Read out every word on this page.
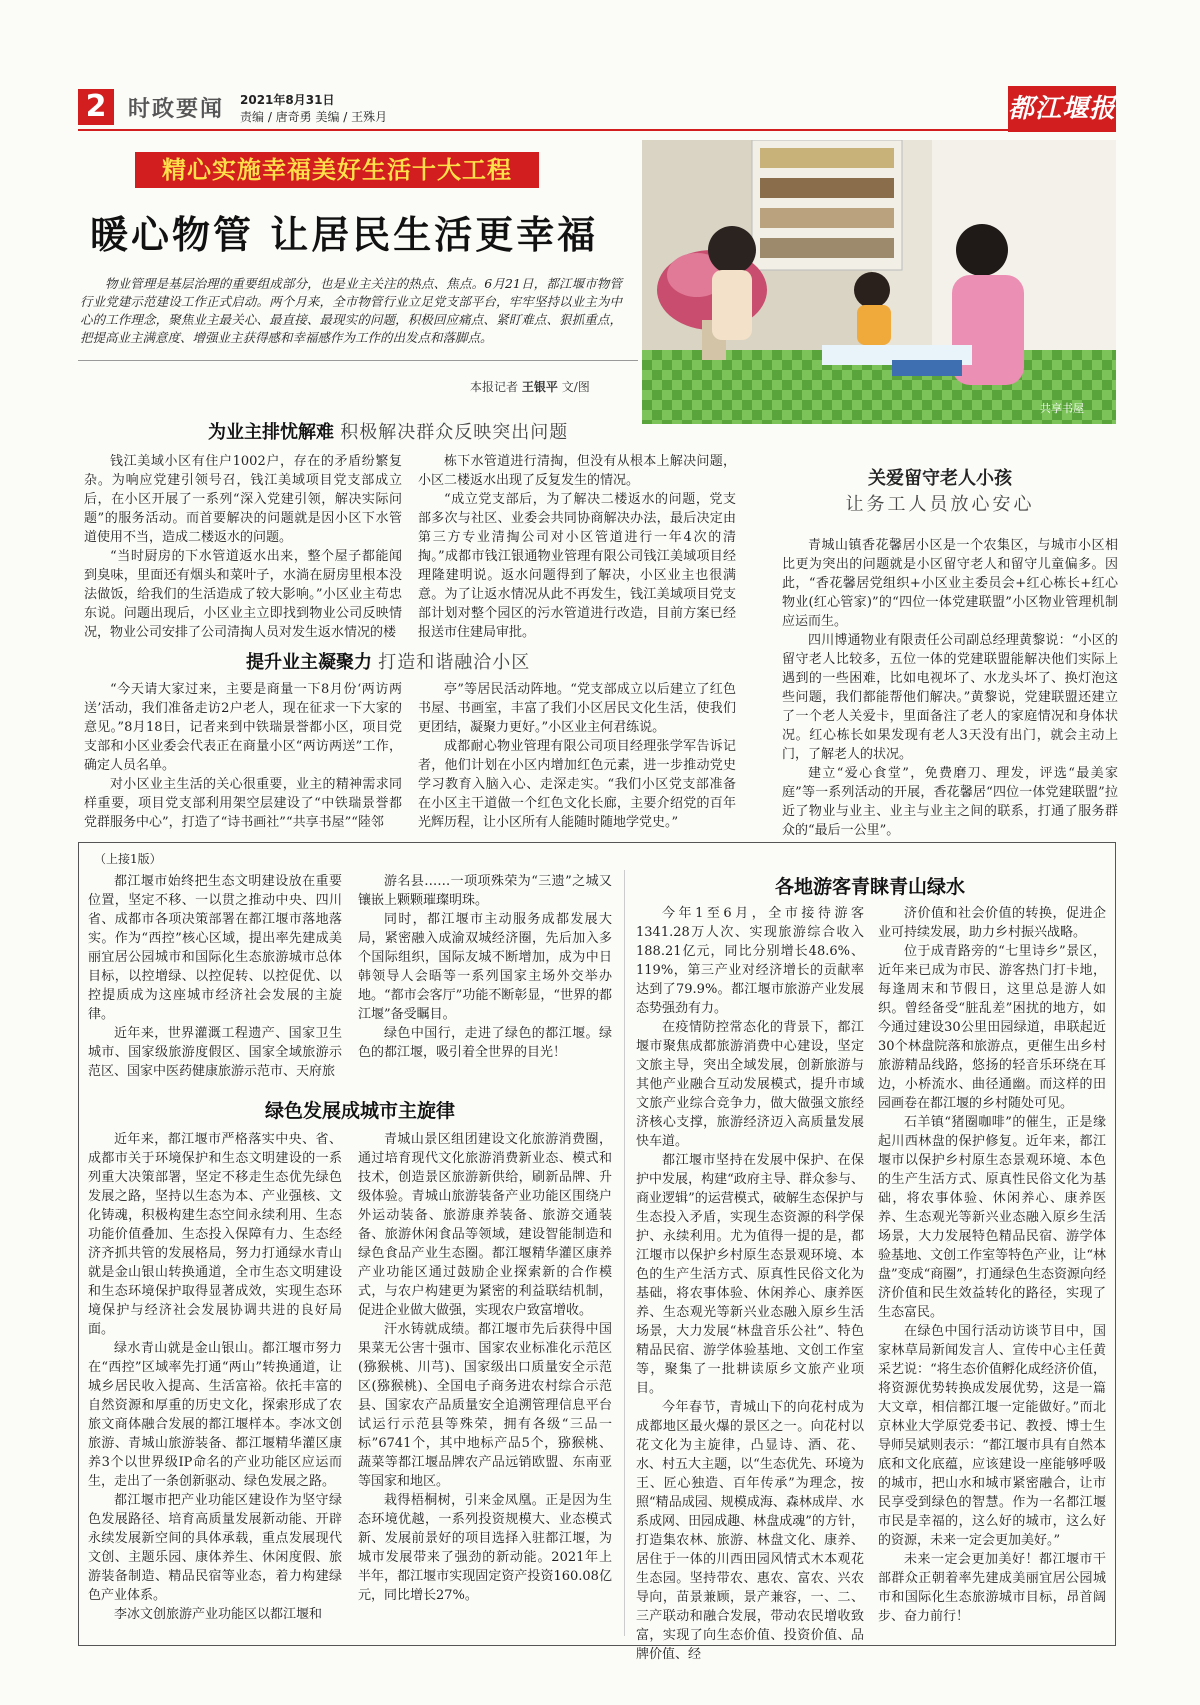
2 时政要闻 2021年8月31日
责编 / 唐奇勇 美编 / 王殊月	都江堰报
精心实施幸福美好生活十大工程
暖心物管 让居民生活更幸福
物业管理是基层治理的重要组成部分，也是业主关注的热点、焦点。6月21日，都江堰市物管行业党建示范建设工作正式启动。两个月来，全市物管行业立足党支部平台，牢牢坚持以业主为中心的工作理念，聚焦业主最关心、最直接、最现实的问题，积极回应痛点、紧盯难点、狠抓重点，把提高业主满意度、增强业主获得感和幸福感作为工作的出发点和落脚点。
本报记者 王银平 文/图
共享书屋
为业主排忧解难 积极解决群众反映突出问题

钱江美域小区有住户1002户，存在的矛盾纷繁复杂。为响应党建引领号召，钱江美域项目党支部成立后，在小区开展了一系列“深入党建引领，解决实际问题”的服务活动。而首要解决的问题就是因小区下水管道使用不当，造成二楼返水的问题。

“当时厨房的下水管道返水出来，整个屋子都能闻到臭味，里面还有烟头和菜叶子，水淌在厨房里根本没法做饭，给我们的生活造成了较大影响。”小区业主苟忠东说。问题出现后，小区业主立即找到物业公司反映情况，物业公司安排了公司清掏人员对发生返水情况的楼

栋下水管道进行清掏，但没有从根本上解决问题，小区二楼返水出现了反复发生的情况。

“成立党支部后，为了解决二楼返水的问题，党支部多次与社区、业委会共同协商解决办法，最后决定由第三方专业清掏公司对小区管道进行一年4次的清掏。”成都市钱江银通物业管理有限公司钱江美域项目经理隆建明说。返水问题得到了解决，小区业主也很满意。为了让返水情况从此不再发生，钱江美域项目党支部计划对整个园区的污水管道进行改造，目前方案已经报送市住建局审批。

提升业主凝聚力 打造和谐融洽小区

“今天请大家过来，主要是商量一下8月份‘两访两送’活动，我们准备走访2户老人，现在征求一下大家的意见。”8月18日，记者来到中铁瑞景誉都小区，项目党支部和小区业委会代表正在商量小区“两访两送”工作，确定人员名单。

对小区业主生活的关心很重要，业主的精神需求同样重要，项目党支部利用架空层建设了“中铁瑞景誉都党群服务中心”，打造了“诗书画社”“共享书屋”“陸邻

亭”等居民活动阵地。“党支部成立以后建立了红色书屋、书画室，丰富了我们小区居民文化生活，使我们更团结，凝聚力更好。”小区业主何君练说。

成都耐心物业管理有限公司项目经理张学军告诉记者，他们计划在小区内增加红色元素，进一步推动党史学习教育入脑入心、走深走实。“我们小区党支部准备在小区主干道做一个红色文化长廊，主要介绍党的百年光辉历程，让小区所有人能随时随地学党史。”

关爱留守老人小孩
让务工人员放心安心

青城山镇香花馨居小区是一个农集区，与城市小区相比更为突出的问题就是小区留守老人和留守儿童偏多。因此，“香花馨居党组织+小区业主委员会+红心栋长+红心物业(红心管家)”的“四位一体党建联盟”小区物业管理机制应运而生。

四川博通物业有限责任公司副总经理黄黎说：“小区的留守老人比较多，五位一体的党建联盟能解决他们实际上遇到的一些困难，比如电视坏了、水龙头坏了、换灯泡这些问题，我们都能帮他们解决。”黄黎说，党建联盟还建立了一个老人关爱卡，里面备注了老人的家庭情况和身体状况。红心栋长如果发现有老人3天没有出门，就会主动上门，了解老人的状况。

建立“爱心食堂”，免费磨刀、理发，评选“最美家庭”等一系列活动的开展，香花馨居“四位一体党建联盟”拉近了物业与业主、业主与业主之间的联系，打通了服务群众的“最后一公里”。

（上接1版）

都江堰市始终把生态文明建设放在重要位置，坚定不移、一以贯之推动中央、四川省、成都市各项决策部署在都江堰市落地落实。作为“西控”核心区域，提出率先建成美丽宜居公园城市和国际化生态旅游城市总体目标，以控增绿、以控促转、以控促优、以控提质成为这座城市经济社会发展的主旋律。

近年来，世界灌溉工程遗产、国家卫生城市、国家级旅游度假区、国家全域旅游示范区、国家中医药健康旅游示范市、天府旅

游名县……一项项殊荣为“三遗”之城又镶嵌上颗颗璀璨明珠。

同时，都江堰市主动服务成都发展大局，紧密融入成渝双城经济圈，先后加入多个国际组织，国际友城不断增加，成为中日韩领导人会晤等一系列国家主场外交举办地。“都市会客厅”功能不断彰显，“世界的都江堰”备受瞩目。

绿色中国行，走进了绿色的都江堰。绿色的都江堰，吸引着全世界的目光！

绿色发展成城市主旋律

近年来，都江堰市严格落实中央、省、成都市关于环境保护和生态文明建设的一系列重大决策部署，坚定不移走生态优先绿色发展之路，坚持以生态为本、产业强核、文化铸魂，积极构建生态空间永续利用、生态功能价值叠加、生态投入保障有力、生态经济齐抓共管的发展格局，努力打通绿水青山就是金山银山转换通道，全市生态文明建设和生态环境保护取得显著成效，实现生态环境保护与经济社会发展协调共进的良好局面。

绿水青山就是金山银山。都江堰市努力在“西控”区域率先打通“两山”转换通道，让城乡居民收入提高、生活富裕。依托丰富的自然资源和厚重的历史文化，探索形成了农旅文商体融合发展的都江堰样本。李冰文创旅游、青城山旅游装备、都江堰精华灌区康养3个以世界级IP命名的产业功能区应运而生，走出了一条创新驱动、绿色发展之路。

都江堰市把产业功能区建设作为坚守绿色发展路径、培育高质量发展新动能、开辟永续发展新空间的具体承载，重点发展现代文创、主题乐园、康体养生、休闲度假、旅游装备制造、精品民宿等业态，着力构建绿色产业体系。

李冰文创旅游产业功能区以都江堰和

青城山景区组团建设文化旅游消费圈，通过培育现代文化旅游消费新业态、模式和技术，创造景区旅游新供给，刷新品牌、升级体验。青城山旅游装备产业功能区围绕户外运动装备、旅游康养装备、旅游交通装备、旅游休闲食品等领域，建设智能制造和绿色食品产业生态圈。都江堰精华灌区康养产业功能区通过鼓励企业探索新的合作模式，与农户构建更为紧密的利益联结机制，促进企业做大做强，实现农户致富增收。

汗水铸就成绩。都江堰市先后获得中国果菜无公害十强市、国家农业标准化示范区(猕猴桃、川芎)、国家级出口质量安全示范区(猕猴桃)、全国电子商务进农村综合示范县、国家农产品质量安全追溯管理信息平台试运行示范县等殊荣，拥有各级“三品一标”6741个，其中地标产品5个，猕猴桃、蔬菜等都江堰品牌农产品远销欧盟、东南亚等国家和地区。

栽得梧桐树，引来金凤凰。正是因为生态环境优越，一系列投资规模大、业态模式新、发展前景好的项目选择入驻都江堰，为城市发展带来了强劲的新动能。2021年上半年，都江堰市实现固定资产投资160.08亿元，同比增长27%。

各地游客青睐青山绿水

今年1至6月，全市接待游客1341.28万人次、实现旅游综合收入188.21亿元，同比分别增长48.6%、119%，第三产业对经济增长的贡献率达到了79.9%。都江堰市旅游产业发展态势强劲有力。

在疫情防控常态化的背景下，都江堰市聚焦成都旅游消费中心建设，坚定文旅主导，突出全域发展，创新旅游与其他产业融合互动发展模式，提升市域文旅产业综合竞争力，做大做强文旅经济核心支撑，旅游经济迈入高质量发展快车道。

都江堰市坚持在发展中保护、在保护中发展，构建“政府主导、群众参与、商业逻辑”的运营模式，破解生态保护与生态投入矛盾，实现生态资源的科学保护、永续利用。尤为值得一提的是，都江堰市以保护乡村原生态景观环境、本色的生产生活方式、原真性民俗文化为基础，将农事体验、休闲养心、康养医养、生态观光等新兴业态融入原乡生活场景，大力发展“林盘音乐公社”、特色精品民宿、游学体验基地、文创工作室等，聚集了一批耕读原乡文旅产业项目。

今年春节，青城山下的向花村成为成都地区最火爆的景区之一。向花村以花文化为主旋律，凸显诗、酒、花、水、村五大主题，以“生态优先、环境为王、匠心独造、百年传承”为理念，按照“精品成园、规模成海、森林成岸、水系成网、田园成趣、林盘成魂”的方针，打造集农林、旅游、林盘文化、康养、居住于一体的川西田园风情式木本观花生态园。坚持带农、惠农、富农、兴农导向，苗景兼顾，景产兼容，一、二、三产联动和融合发展，带动农民增收致富，实现了向生态价值、投资价值、品牌价值、经

济价值和社会价值的转换，促进企业可持续发展，助力乡村振兴战略。

位于成青路旁的“七里诗乡”景区，近年来已成为市民、游客热门打卡地，每逢周末和节假日，这里总是游人如织。曾经备受“脏乱差”困扰的地方，如今通过建设30公里田园绿道，串联起近30个林盘院落和旅游点，更催生出乡村旅游精品线路，悠扬的轻音乐环绕在耳边，小桥流水、曲径通幽。而这样的田园画卷在都江堰的乡村随处可见。

石羊镇“猪圈咖啡”的催生，正是缘起川西林盘的保护修复。近年来，都江堰市以保护乡村原生态景观环境、本色的生产生活方式、原真性民俗文化为基础，将农事体验、休闲养心、康养医养、生态观光等新兴业态融入原乡生活场景，大力发展特色精品民宿、游学体验基地、文创工作室等特色产业，让“林盘”变成“商圈”，打通绿色生态资源向经济价值和民生效益转化的路径，实现了生态富民。

在绿色中国行活动访谈节目中，国家林草局新闻发言人、宣传中心主任黄采艺说：“将生态价值孵化成经济价值，将资源优势转换成发展优势，这是一篇大文章，相信都江堰一定能做好。”而北京林业大学原党委书记、教授、博士生导师吴斌则表示：“都江堰市具有自然本底和文化底蕴，应该建设一座能够呼吸的城市，把山水和城市紧密融合，让市民享受到绿色的智慧。作为一名都江堰市民是幸福的，这么好的城市，这么好的资源，未来一定会更加美好。”

未来一定会更加美好！都江堰市干部群众正朝着率先建成美丽宜居公园城市和国际化生态旅游城市目标，昂首阔步、奋力前行！
